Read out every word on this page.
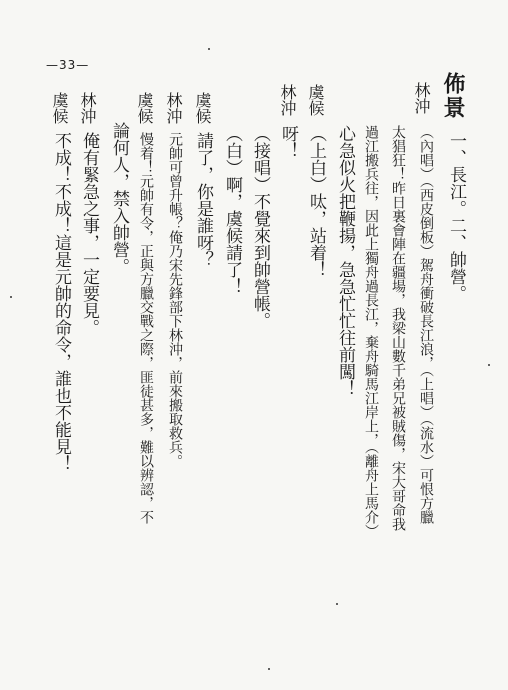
—33—
佈景
一、長江。二、帥營。
林沖
（內唱）（西皮倒板）駕舟衝破長江浪，（上唱）（流水）可恨方臘
太猖狂！昨日裏會陣在疆場，我梁山數千弟兄被賊傷，宋大哥命我
過江搬兵往，因此上獨舟過長江，棄舟騎馬江岸上，（離舟上馬介）
心急似火把鞭揚，急急忙忙往前闖！
虞候
（上白）呔，站着！
林沖
呀！
（接唱）不覺來到帥營帳。
（白）啊，虞候請了！
虞候
請了，你是誰呀？
林沖
元帥可曾升帳？俺乃宋先鋒部下林沖，前來搬取救兵。
虞候
慢着！元帥有令，正與方臘交戰之際，匪徒甚多，難以辨認，不
論何人，禁入帥營。
林沖
俺有緊急之事，一定要見。
虞候
不成！不成！這是元帥的命令，誰也不能見！
